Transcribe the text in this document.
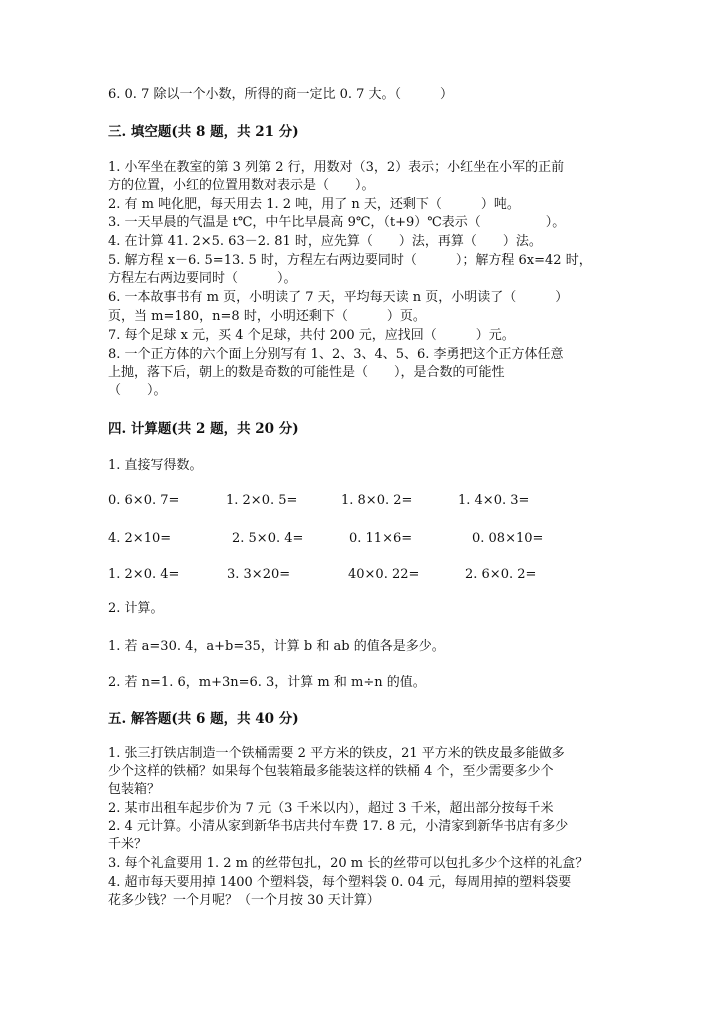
6. 0. 7 除以一个小数，所得的商一定比 0. 7 大。（　　　）
三. 填空题(共 8 题，共 21 分)
1. 小军坐在教室的第 3 列第 2 行，用数对（3，2）表示；小红坐在小军的正前
方的位置，小红的位置用数对表示是（　　）。
2. 有 m 吨化肥，每天用去 1. 2 吨，用了 n 天，还剩下（　　　）吨。
3. 一天早晨的气温是 t℃，中午比早晨高 9℃，（t+9）℃表示（　　　　　）。
4. 在计算 41. 2×5. 63－2. 81 时，应先算（　　）法，再算（　　）法。
5. 解方程 x－6. 5=13. 5 时，方程左右两边要同时（　　　）；解方程 6x=42 时，
方程左右两边要同时（　　　）。
6. 一本故事书有 m 页，小明读了 7 天，平均每天读 n 页，小明读了（　　　）
页，当 m=180，n=8 时，小明还剩下（　　　）页。
7. 每个足球 x 元，买 4 个足球，共付 200 元，应找回（　　　）元。
8. 一个正方体的六个面上分别写有 1、2、3、4、5、6. 李勇把这个正方体任意
上抛，落下后，朝上的数是奇数的可能性是（　　），是合数的可能性
（　　）。
四. 计算题(共 2 题，共 20 分)
1. 直接写得数。
0. 6×0. 7=	1. 2×0. 5=	1. 8×0. 2=	1. 4×0. 3=
4. 2×10=	2. 5×0. 4=	0. 11×6=	0. 08×10=
1. 2×0. 4=	3. 3×20=	40×0. 22=	2. 6×0. 2=
2. 计算。
1. 若 a=30. 4，a+b=35，计算 b 和 ab 的值各是多少。
2. 若 n=1. 6，m+3n=6. 3，计算 m 和 m÷n 的值。
五. 解答题(共 6 题，共 40 分)
1. 张三打铁店制造一个铁桶需要 2 平方米的铁皮，21 平方米的铁皮最多能做多
少个这样的铁桶？如果每个包装箱最多能装这样的铁桶 4 个，至少需要多少个
包装箱？
2. 某市出租车起步价为 7 元（3 千米以内），超过 3 千米，超出部分按每千米
2. 4 元计算。小清从家到新华书店共付车费 17. 8 元，小清家到新华书店有多少
千米？
3. 每个礼盒要用 1. 2 m 的丝带包扎，20 m 长的丝带可以包扎多少个这样的礼盒？
4. 超市每天要用掉 1400 个塑料袋，每个塑料袋 0. 04 元，每周用掉的塑料袋要
花多少钱？一个月呢？（一个月按 30 天计算）
